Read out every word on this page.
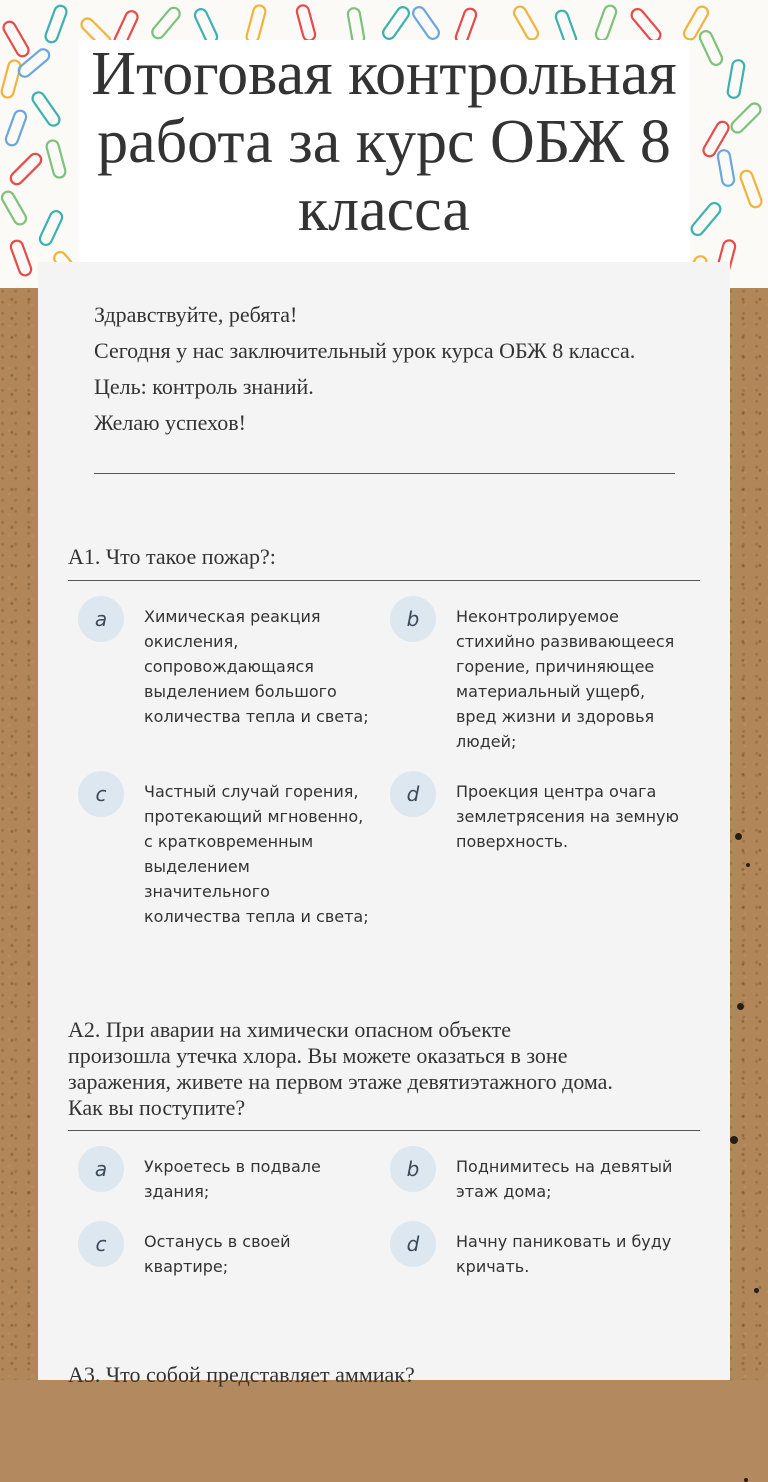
Итоговая контрольная работа за курс ОБЖ 8 класса

Здравствуйте, ребята!

Сегодня у нас заключительный урок курса ОБЖ 8 класса.

Цель: контроль знаний.

Желаю успехов!

А1. Что такое пожар?:
a	Химическая реакция
окисления,
сопровождающаяся
выделением большого
количества тепла и света;
b	Неконтролируемое
стихийно развивающееся
горение, причиняющее
материальный ущерб,
вред жизни и здоровья
людей;
c	Частный случай горения,
протекающий мгновенно,
с кратковременным
выделением
значительного
количества тепла и света;
d	Проекция центра очага
землетрясения на земную
поверхность.
А2. При аварии на химически опасном объекте
произошла утечка хлора. Вы можете оказаться в зоне
заражения, живете на первом этаже девятиэтажного дома.
Как вы поступите?
a	Укроетесь в подвале
здания;
b	Поднимитесь на девятый
этаж дома;
c	Останусь в своей
квартире;
d	Начну паниковать и буду
кричать.
А3. Что собой представляет аммиак?
